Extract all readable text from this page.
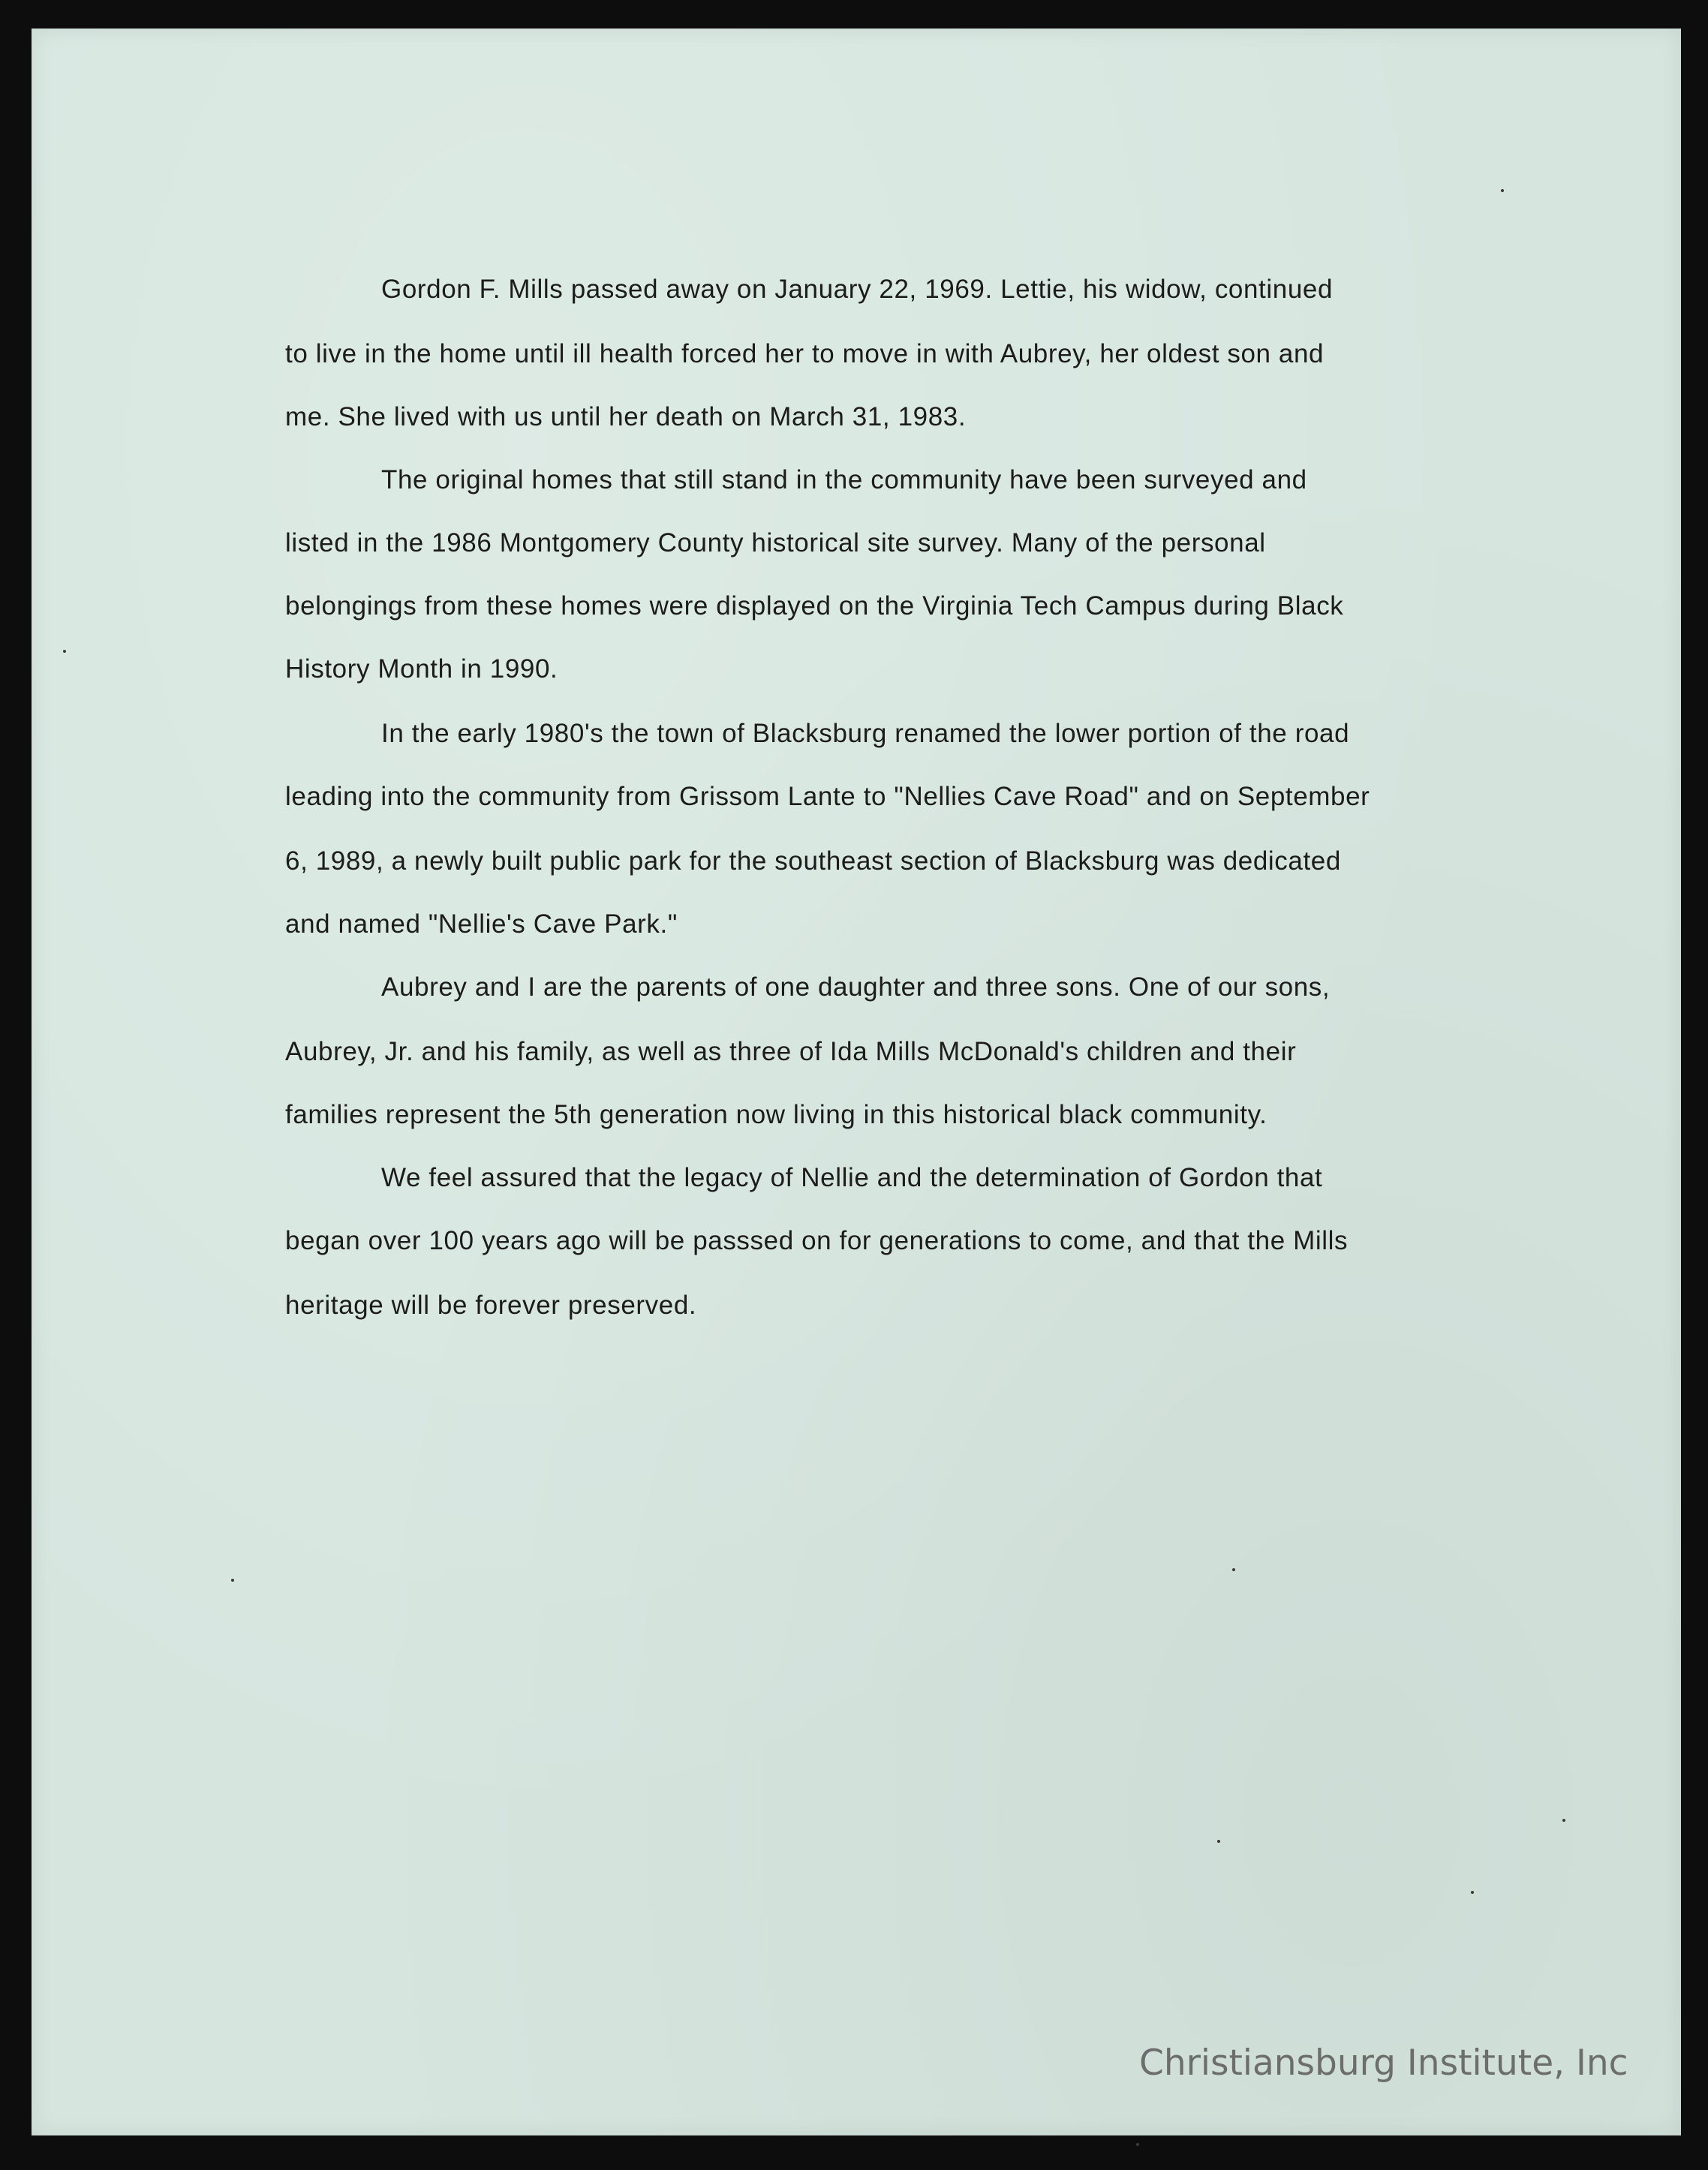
Gordon F. Mills passed away on January 22, 1969. Lettie, his widow, continued
to live in the home until ill health forced her to move in with Aubrey, her oldest son and
me. She lived with us until her death on March 31, 1983.
The original homes that still stand in the community have been surveyed and
listed in the 1986 Montgomery County historical site survey. Many of the personal
belongings from these homes were displayed on the Virginia Tech Campus during Black
History Month in 1990.
In the early 1980's the town of Blacksburg renamed the lower portion of the road
leading into the community from Grissom Lante to "Nellies Cave Road" and on September
6, 1989, a newly built public park for the southeast section of Blacksburg was dedicated
and named "Nellie's Cave Park."
Aubrey and I are the parents of one daughter and three sons. One of our sons,
Aubrey, Jr. and his family, as well as three of Ida Mills McDonald's children and their
families represent the 5th generation now living in this historical black community.
We feel assured that the legacy of Nellie and the determination of Gordon that
began over 100 years ago will be passsed on for generations to come, and that the Mills
heritage will be forever preserved.
Christiansburg Institute, Inc
